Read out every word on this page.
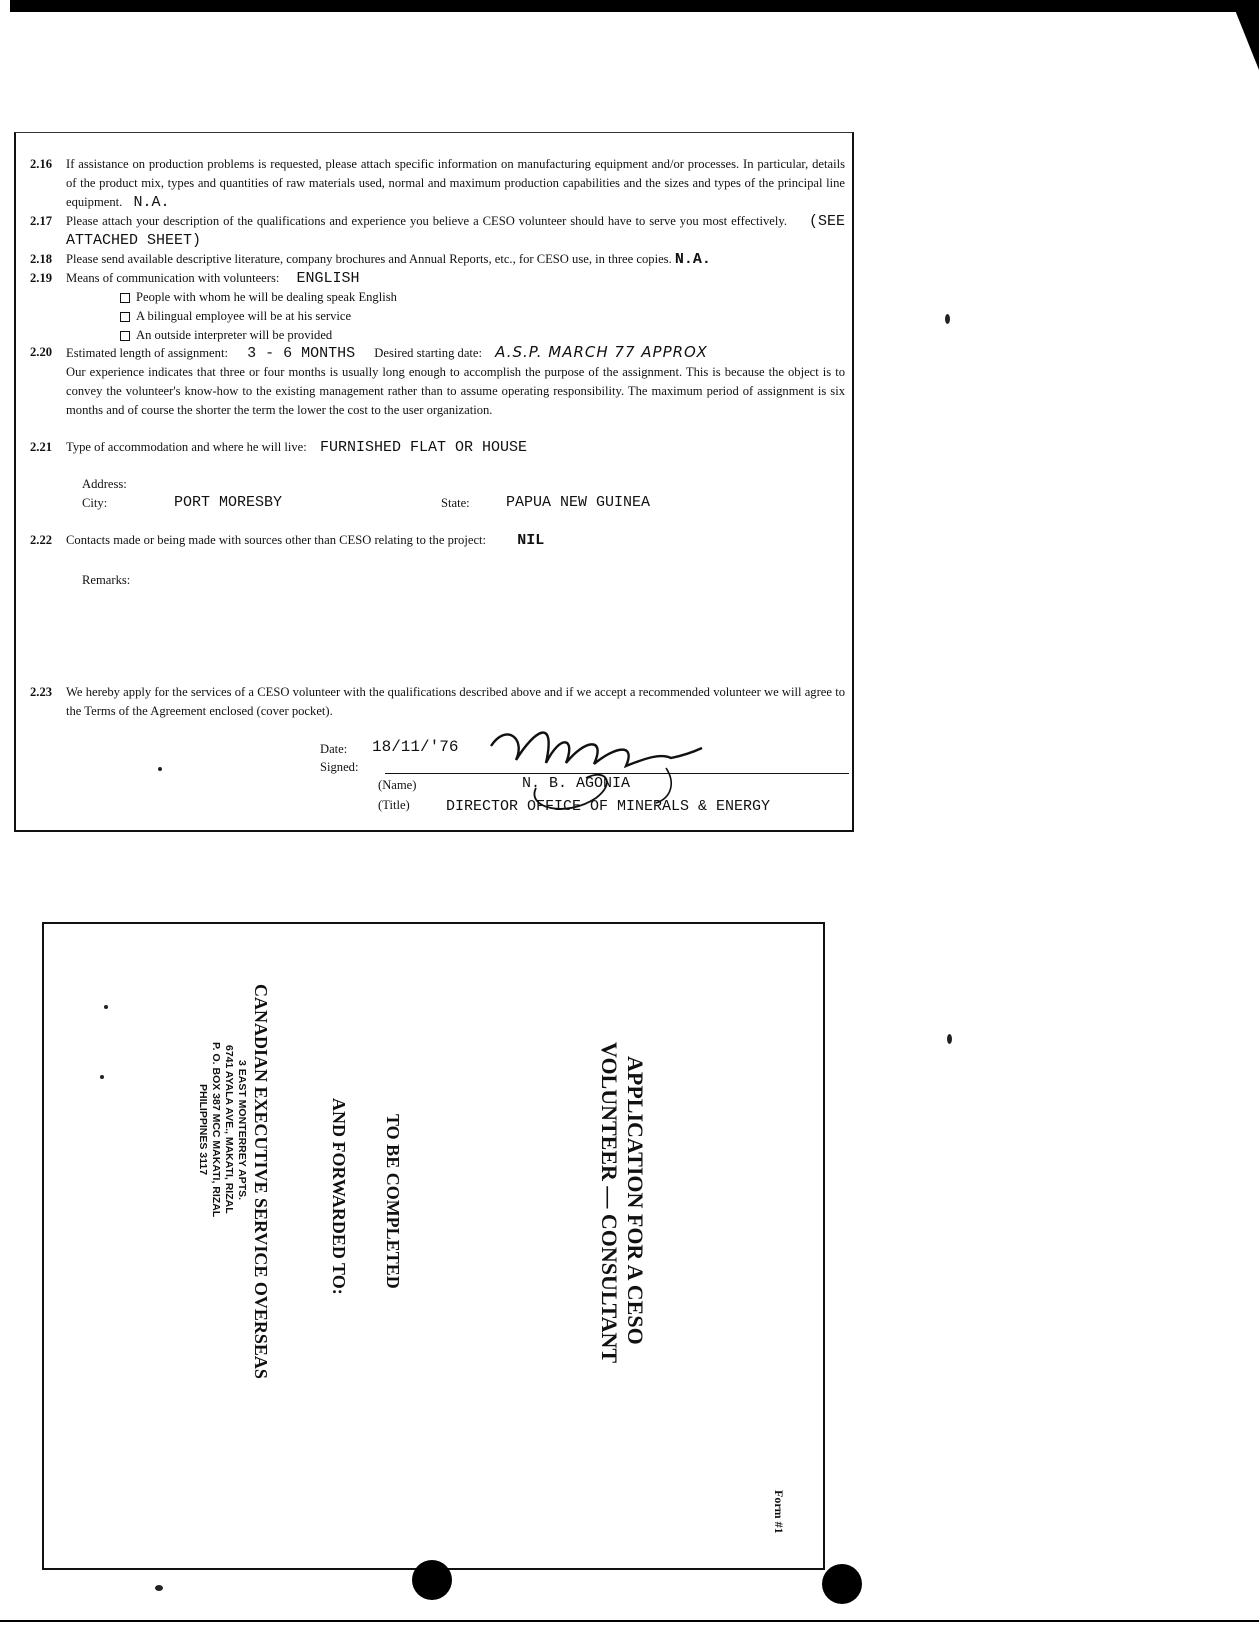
2.16	If assistance on production problems is requested, please attach specific information on manufacturing equipment and/or processes. In particular, details of the product mix, types and quantities of raw materials used, normal and maximum production capabilities and the sizes and types of the principal line equipment. N.A.
2.17	Please attach your description of the qualifications and experience you believe a CESO volunteer should have to serve you most effectively. (SEE ATTACHED SHEET)
2.18	Please send available descriptive literature, company brochures and Annual Reports, etc., for CESO use, in three copies. N.A.
2.19	Means of communication with volunteers: ENGLISH
People with whom he will be dealing speak English
A bilingual employee will be at his service
An outside interpreter will be provided
2.20	Estimated length of assignment: 3 - 6 MONTHS Desired starting date: A.S.P. MARCH 77 APPROX
Our experience indicates that three or four months is usually long enough to accomplish the purpose of the assignment. This is because the object is to convey the volunteer's know-how to the existing management rather than to assume operating responsibility. The maximum period of assignment is six months and of course the shorter the term the lower the cost to the user organization.
2.21	Type of accommodation and where he will live: FURNISHED FLAT OR HOUSE
Address:
City:	PORT MORESBY	State: PAPUA NEW GUINEA
2.22	Contacts made or being made with sources other than CESO relating to the project: NIL
Remarks:
2.23	We hereby apply for the services of a CESO volunteer with the qualifications described above and if we accept a recommended volunteer we will agree to the Terms of the Agreement enclosed (cover pocket).
Date: 18/11/'76
Signed:
(Name)	N. B. AGONIA
(Title) DIRECTOR OFFICE OF MINERALS & ENERGY
APPLICATION FOR A CESO
VOLUNTEER — CONSULTANT
TO BE COMPLETED
AND FORWARDED TO:
CANADIAN EXECUTIVE SERVICE OVERSEAS
3 EAST MONTERREY APTS.
6741 AYALA AVE., MAKATI, RIZAL
P. O. BOX 387 MCC MAKATI, RIZAL
PHILIPPINES 3117
Form #1
